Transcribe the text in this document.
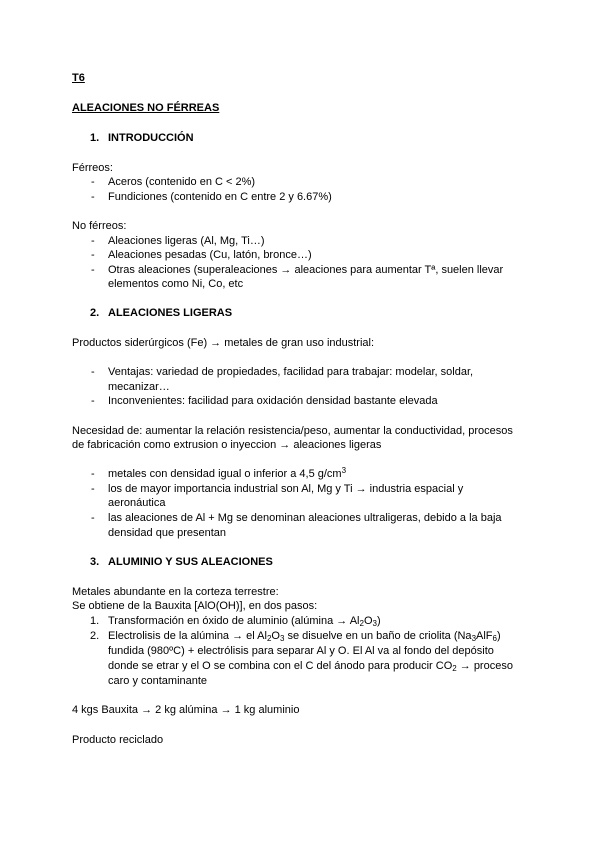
T6
ALEACIONES NO FÉRREAS
1. INTRODUCCIÓN
Férreos:
- Aceros (contenido en C < 2%)
- Fundiciones (contenido en C entre 2 y 6.67%)
No férreos:
- Aleaciones ligeras (Al, Mg, Ti…)
- Aleaciones pesadas (Cu, latón, bronce…)
- Otras aleaciones (superaleaciones → aleaciones para aumentar Tª, suelen llevar
elementos como Ni, Co, etc
2. ALEACIONES LIGERAS
Productos siderúrgicos (Fe) → metales de gran uso industrial:
- Ventajas: variedad de propiedades, facilidad para trabajar: modelar, soldar,
mecanizar…
- Inconvenientes: facilidad para oxidación densidad bastante elevada
Necesidad de: aumentar la relación resistencia/peso, aumentar la conductividad, procesos
de fabricación como extrusion o inyeccion → aleaciones ligeras
- metales con densidad igual o inferior a 4,5 $g/cm^3$
- los de mayor importancia industrial son Al, Mg y Ti → industria espacial y
aeronáutica
- las aleaciones de Al + Mg se denominan aleaciones ultraligeras, debido a la baja
densidad que presentan
3. ALUMINIO Y SUS ALEACIONES
Metales abundante en la corteza terrestre:
Se obtiene de la Bauxita [AlO(OH)], en dos pasos:
1. Transformación en óxido de aluminio (alúmina → $Al_2O_3$)
2. Electrolisis de la alúmina → el $Al_2O_3$ se disuelve en un baño de criolita $(Na_3AlF_6)$
fundida (980ºC) + electrólisis para separar Al y O. El Al va al fondo del depósito
donde se etrar y el O se combina con el C del ánodo para producir $CO_2$ → proceso
caro y contaminante
4 kgs Bauxita → 2 kg alúmina → 1 kg aluminio
Producto reciclado
